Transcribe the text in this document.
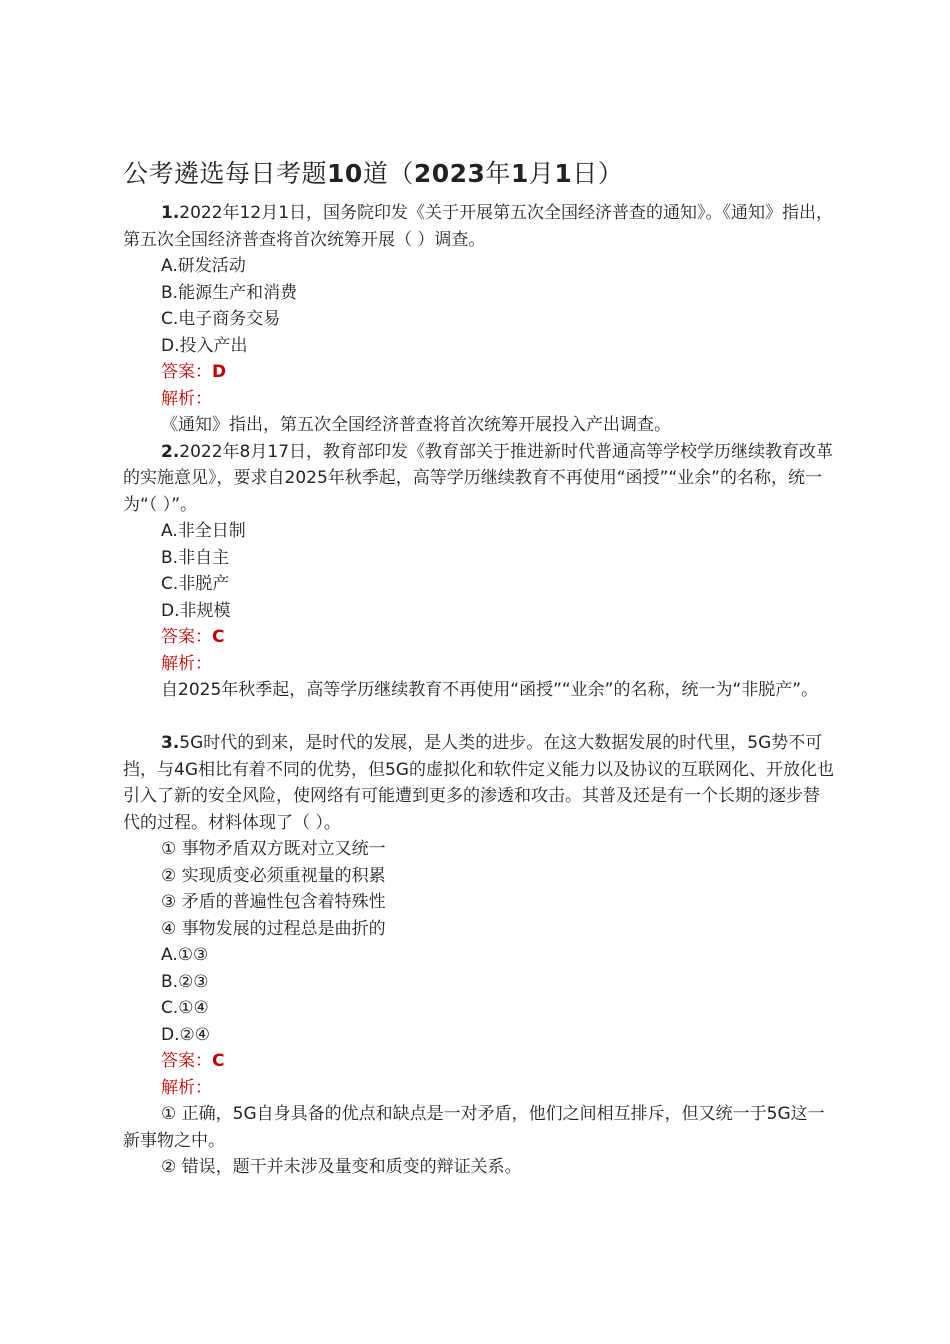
公考遴选每日考题10道（2023年1月1日）

1.2022年12月1日，国务院印发《关于开展第五次全国经济普查的通知》。《通知》指出，第五次全国经济普查将首次统筹开展（ ）调查。

A.研发活动

B.能源生产和消费

C.电子商务交易

D.投入产出

答案：D

解析：

《通知》指出，第五次全国经济普查将首次统筹开展投入产出调查。

2.2022年8月17日，教育部印发《教育部关于推进新时代普通高等学校学历继续教育改革的实施意见》，要求自2025年秋季起，高等学历继续教育不再使用“函授”“业余”的名称，统一为“（ ）”。

A.非全日制

B.非自主

C.非脱产

D.非规模

答案：C

解析：

自2025年秋季起，高等学历继续教育不再使用“函授”“业余”的名称，统一为“非脱产”。

3.5G时代的到来，是时代的发展，是人类的进步。在这大数据发展的时代里，5G势不可挡，与4G相比有着不同的优势，但5G的虚拟化和软件定义能力以及协议的互联网化、开放化也引入了新的安全风险，使网络有可能遭到更多的渗透和攻击。其普及还是有一个长期的逐步替代的过程。材料体现了（ ）。

① 事物矛盾双方既对立又统一

② 实现质变必须重视量的积累

③ 矛盾的普遍性包含着特殊性

④ 事物发展的过程总是曲折的

A.①③

B.②③

C.①④

D.②④

答案：C

解析：

① 正确，5G自身具备的优点和缺点是一对矛盾，他们之间相互排斥，但又统一于5G这一新事物之中。

② 错误，题干并未涉及量变和质变的辩证关系。
